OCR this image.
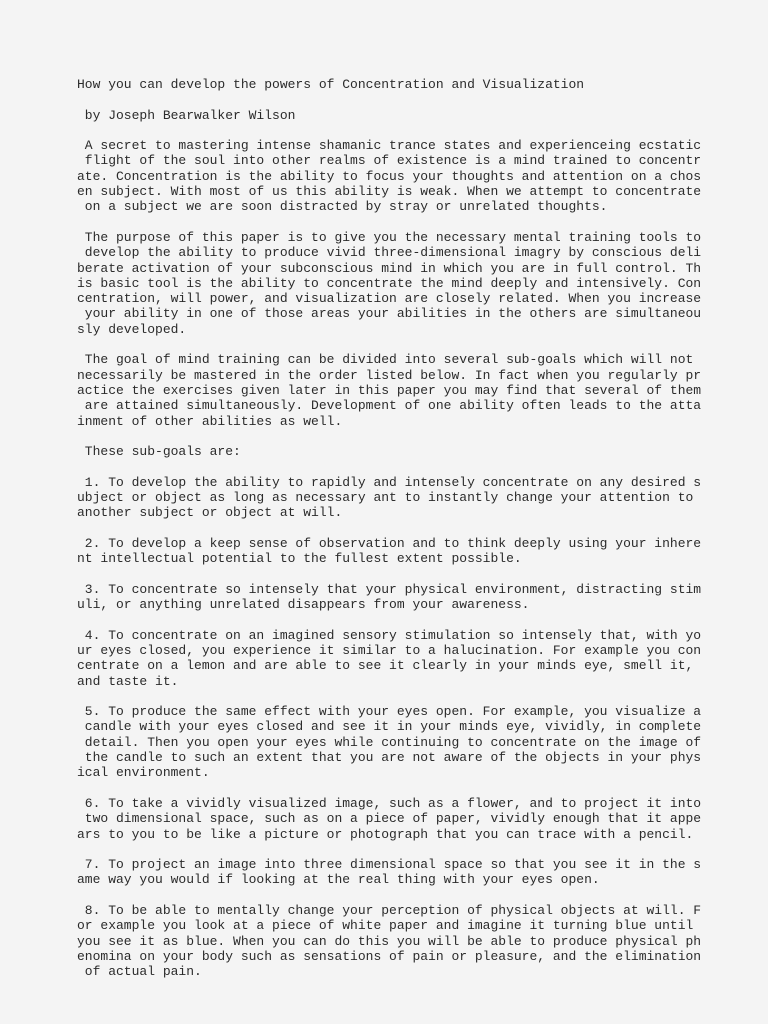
How you can develop the powers of Concentration and Visualization
by Joseph Bearwalker Wilson
A secret to mastering intense shamanic trance states and experienceing ecstatic
flight of the soul into other realms of existence is a mind trained to concentr
ate. Concentration is the ability to focus your thoughts and attention on a chos
en subject. With most of us this ability is weak. When we attempt to concentrate
on a subject we are soon distracted by stray or unrelated thoughts.
The purpose of this paper is to give you the necessary mental training tools to
develop the ability to produce vivid three-dimensional imagry by conscious deli
berate activation of your subconscious mind in which you are in full control. Th
is basic tool is the ability to concentrate the mind deeply and intensively. Con
centration, will power, and visualization are closely related. When you increase
your ability in one of those areas your abilities in the others are simultaneou
sly developed.
The goal of mind training can be divided into several sub-goals which will not
necessarily be mastered in the order listed below. In fact when you regularly pr
actice the exercises given later in this paper you may find that several of them
are attained simultaneously. Development of one ability often leads to the atta
inment of other abilities as well.
These sub-goals are:
1. To develop the ability to rapidly and intensely concentrate on any desired s
ubject or object as long as necessary ant to instantly change your attention to
another subject or object at will.
2. To develop a keep sense of observation and to think deeply using your inhere
nt intellectual potential to the fullest extent possible.
3. To concentrate so intensely that your physical environment, distracting stim
uli, or anything unrelated disappears from your awareness.
4. To concentrate on an imagined sensory stimulation so intensely that, with yo
ur eyes closed, you experience it similar to a halucination. For example you con
centrate on a lemon and are able to see it clearly in your minds eye, smell it,
and taste it.
5. To produce the same effect with your eyes open. For example, you visualize a
candle with your eyes closed and see it in your minds eye, vividly, in complete
detail. Then you open your eyes while continuing to concentrate on the image of
the candle to such an extent that you are not aware of the objects in your phys
ical environment.
6. To take a vividly visualized image, such as a flower, and to project it into
two dimensional space, such as on a piece of paper, vividly enough that it appe
ars to you to be like a picture or photograph that you can trace with a pencil.
7. To project an image into three dimensional space so that you see it in the s
ame way you would if looking at the real thing with your eyes open.
8. To be able to mentally change your perception of physical objects at will. F
or example you look at a piece of white paper and imagine it turning blue until
you see it as blue. When you can do this you will be able to produce physical ph
enomina on your body such as sensations of pain or pleasure, and the elimination
of actual pain.
